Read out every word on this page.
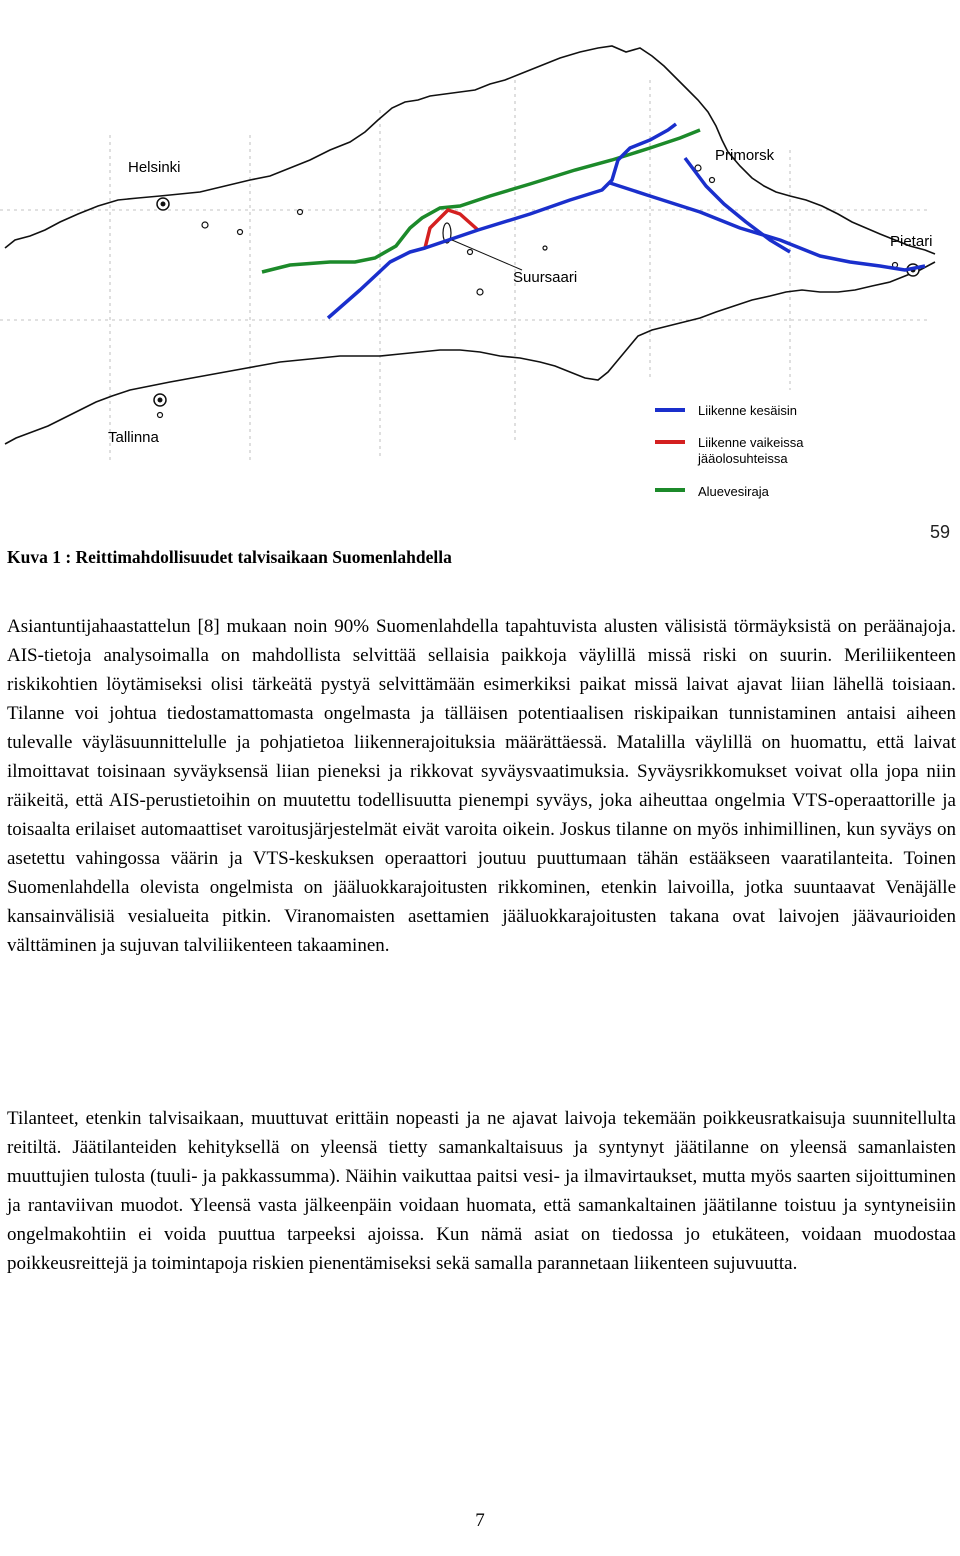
Helsinki
Primorsk
Pietari
Suursaari
Tallinna
Liikenne kesäisin
Liikenne vaikeissa
jääolosuhteissa
Aluevesiraja
59
Kuva 1 : Reittimahdollisuudet talvisaikaan Suomenlahdella

Asiantuntijahaastattelun [8] mukaan noin 90% Suomenlahdella tapahtuvista alusten välisistä törmäyksistä on peräänajoja. AIS-tietoja analysoimalla on mahdollista selvittää sellaisia paikkoja väylillä missä riski on suurin. Meriliikenteen riskikohtien löytämiseksi olisi tärkeätä pystyä selvittämään esimerkiksi paikat missä laivat ajavat liian lähellä toisiaan. Tilanne voi johtua tiedostamattomasta ongelmasta ja tälläisen potentiaalisen riskipaikan tunnistaminen antaisi aiheen tulevalle väyläsuunnittelulle ja pohjatietoa liikennerajoituksia määrättäessä. Matalilla väylillä on huomattu, että laivat ilmoittavat toisinaan syväyksensä liian pieneksi ja rikkovat syväysvaatimuksia. Syväysrikkomukset voivat olla jopa niin räikeitä, että AIS-perustietoihin on muutettu todellisuutta pienempi syväys, joka aiheuttaa ongelmia VTS-operaattorille ja toisaalta erilaiset automaattiset varoitusjärjestelmät eivät varoita oikein. Joskus tilanne on myös inhimillinen, kun syväys on asetettu vahingossa väärin ja VTS-keskuksen operaattori joutuu puuttumaan tähän estääkseen vaaratilanteita. Toinen Suomenlahdella olevista ongelmista on jääluokkarajoitusten rikkominen, etenkin laivoilla, jotka suuntaavat Venäjälle kansainvälisiä vesialueita pitkin. Viranomaisten asettamien jääluokkarajoitusten takana ovat laivojen jäävaurioiden välttäminen ja sujuvan talviliikenteen takaaminen.

Tilanteet, etenkin talvisaikaan, muuttuvat erittäin nopeasti ja ne ajavat laivoja tekemään poikkeusratkaisuja suunnitellulta reitiltä. Jäätilanteiden kehityksellä on yleensä tietty samankaltaisuus ja syntynyt jäätilanne on yleensä samanlaisten muuttujien tulosta (tuuli- ja pakkassumma). Näihin vaikuttaa paitsi vesi- ja ilmavirtaukset, mutta myös saarten sijoittuminen ja rantaviivan muodot. Yleensä vasta jälkeenpäin voidaan huomata, että samankaltainen jäätilanne toistuu ja syntyneisiin ongelmakohtiin ei voida puuttua tarpeeksi ajoissa. Kun nämä asiat on tiedossa jo etukäteen, voidaan muodostaa poikkeusreittejä ja toimintapoja riskien pienentämiseksi sekä samalla parannetaan liikenteen sujuvuutta.

7
